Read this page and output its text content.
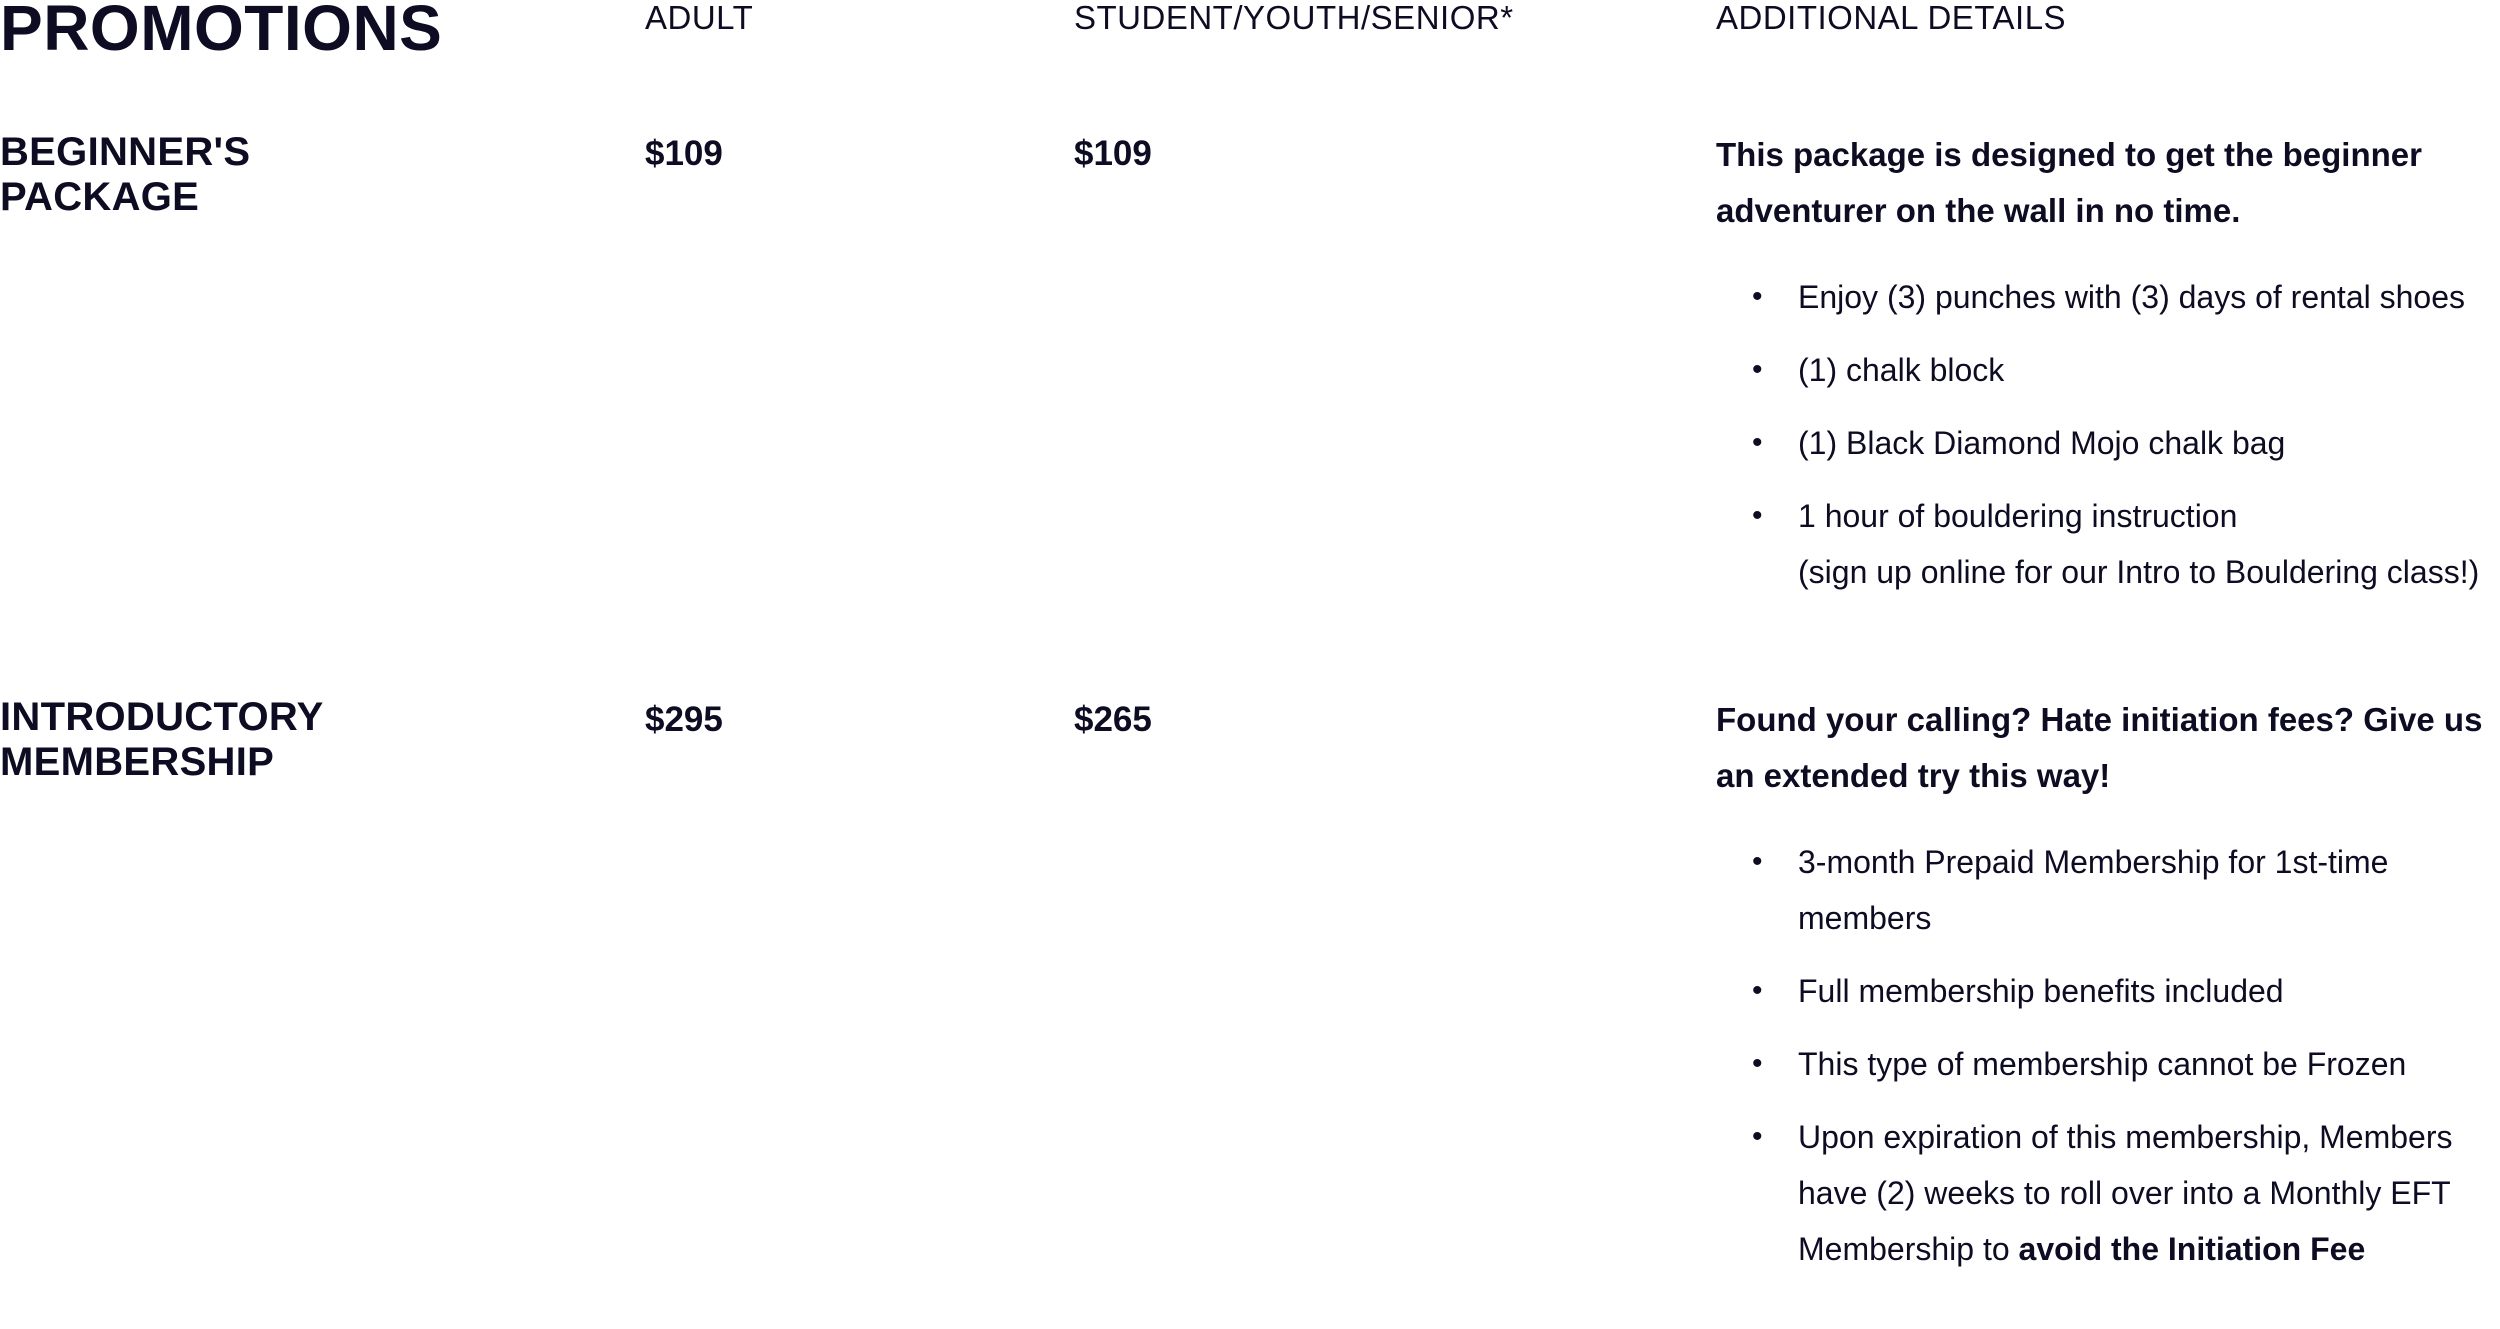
PROMOTIONS	ADULT	STUDENT/YOUTH/SENIOR*	ADDITIONAL DETAILS
BEGINNER'S
PACKAGE
$109	$109	This package is designed to get the beginner adventurer on the wall in no time.

• Enjoy (3) punches with (3) days of rental shoes
• (1) chalk block
• (1) Black Diamond Mojo chalk bag
• 1 hour of bouldering instruction
(sign up online for our Intro to Bouldering class!)
INTRODUCTORY
MEMBERSHIP
$295	$265	Found your calling? Hate initiation fees? Give us an extended try this way!

• 3-month Prepaid Membership for 1st-time members
• Full membership benefits included
• This type of membership cannot be Frozen
• Upon expiration of this membership, Members have (2) weeks to roll over into a Monthly EFT Membership to avoid the Initiation Fee
